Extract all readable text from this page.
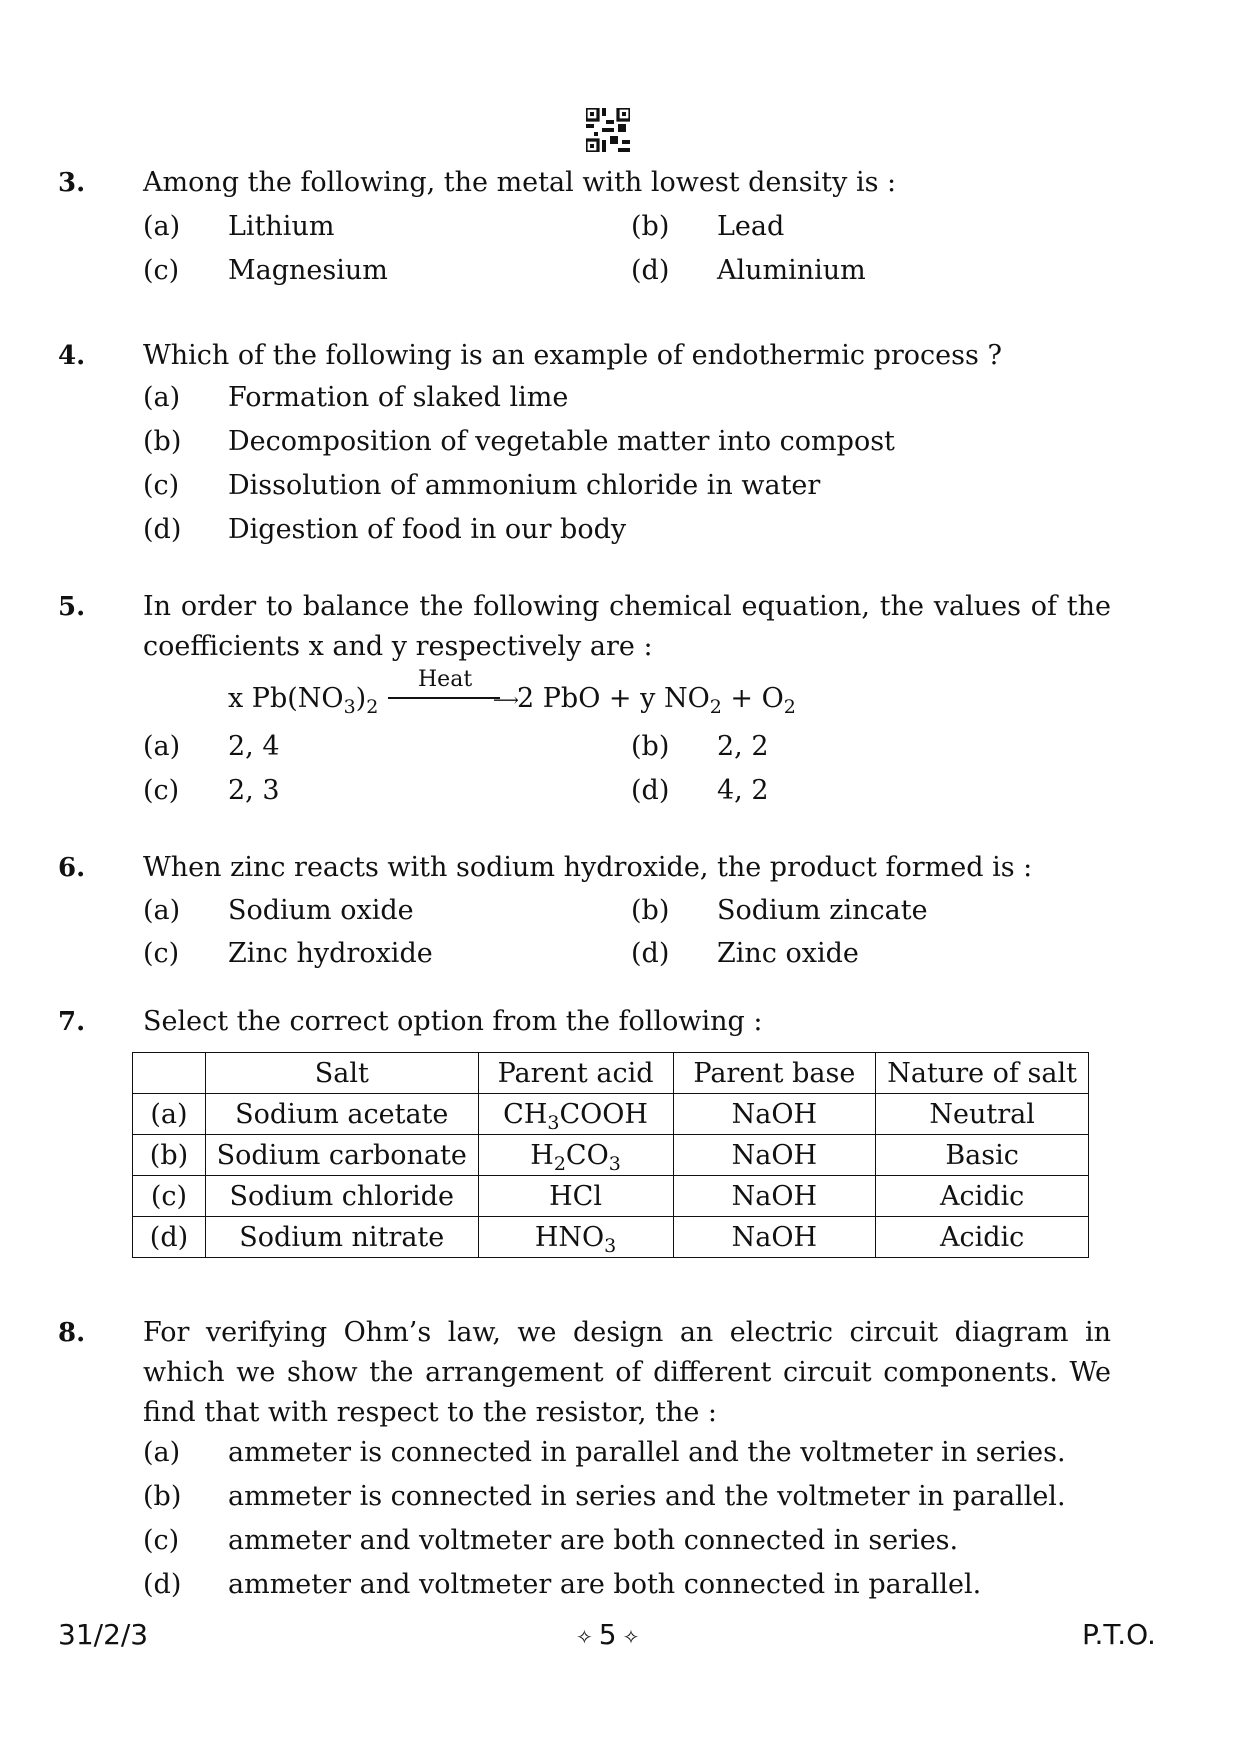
3. Among the following, the metal with lowest density is :
(a) Lithium	(b) Lead
(c) Magnesium	(d) Aluminium
4. Which of the following is an example of endothermic process ?
(a) Formation of slaked lime
(b) Decomposition of vegetable matter into compost
(c) Dissolution of ammonium chloride in water
(d) Digestion of food in our body
5. In order to balance the following chemical equation, the values of the coefficients x and y respectively are :
x $Pb(NO_3)_2$
Heat
⟶
2 PbO + y $NO_2 + O_2$
(a) 2, 4	(b) 2, 2
(c) 2, 3	(d) 4, 2
6. When zinc reacts with sodium hydroxide, the product formed is :
(a) Sodium oxide	(b) Sodium zincate
(c) Zinc hydroxide	(d) Zinc oxide
7. Select the correct option from the following :
	Salt	Parent acid	Parent base	Nature of salt
(a)	Sodium acetate	$CH_3COOH$	NaOH	Neutral
(b)	Sodium carbonate	$H_2CO_3$	NaOH	Basic
(c)	Sodium chloride	HCl	NaOH	Acidic
(d)	Sodium nitrate	$HNO_3$	NaOH	Acidic
8. For verifying Ohm’s law, we design an electric circuit diagram in which we show the arrangement of different circuit components. We find that with respect to the resistor, the :
(a) ammeter is connected in parallel and the voltmeter in series.
(b) ammeter is connected in series and the voltmeter in parallel.
(c) ammeter and voltmeter are both connected in series.
(d) ammeter and voltmeter are both connected in parallel.
31/2/3	✧ 5 ✧	P.T.O.
